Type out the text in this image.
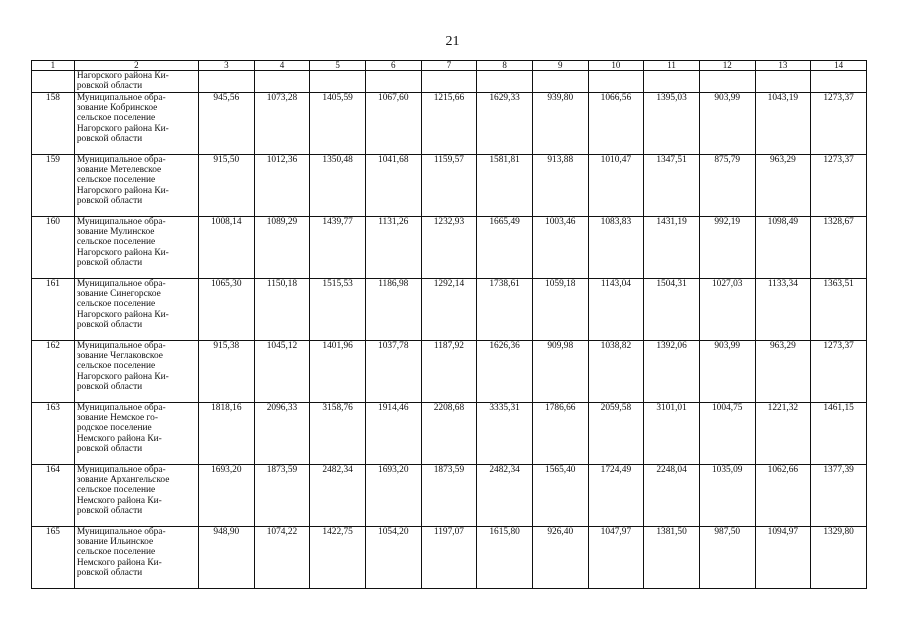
21
1	2	3	4	5	6	7	8	9	10	11	12	13	14

	Нагорского района Ки-
ровской области												

158	Муниципальное обра-
зование Кобринское
сельское поселение
Нагорского района Ки-
ровской области	945,56	1073,28	1405,59	1067,60	1215,66	1629,33	939,80	1066,56	1395,03	903,99	1043,19	1273,37
159	Муниципальное обра-
зование Метелевское
сельское поселение
Нагорского района Ки-
ровской области	915,50	1012,36	1350,48	1041,68	1159,57	1581,81	913,88	1010,47	1347,51	875,79	963,29	1273,37
160	Муниципальное обра-
зование Мулинское
сельское поселение
Нагорского района Ки-
ровской области	1008,14	1089,29	1439,77	1131,26	1232,93	1665,49	1003,46	1083,83	1431,19	992,19	1098,49	1328,67
161	Муниципальное обра-
зование Синегорское
сельское поселение
Нагорского района Ки-
ровской области	1065,30	1150,18	1515,53	1186,98	1292,14	1738,61	1059,18	1143,04	1504,31	1027,03	1133,34	1363,51
162	Муниципальное обра-
зование Чеглаковское
сельское поселение
Нагорского района Ки-
ровской области	915,38	1045,12	1401,96	1037,78	1187,92	1626,36	909,98	1038,82	1392,06	903,99	963,29	1273,37
163	Муниципальное обра-
зование Немское го-
родское поселение
Немского района Ки-
ровской области	1818,16	2096,33	3158,76	1914,46	2208,68	3335,31	1786,66	2059,58	3101,01	1004,75	1221,32	1461,15
164	Муниципальное обра-
зование Архангельское
сельское поселение
Немского района Ки-
ровской области	1693,20	1873,59	2482,34	1693,20	1873,59	2482,34	1565,40	1724,49	2248,04	1035,09	1062,66	1377,39
165	Муниципальное обра-
зование Ильинское
сельское поселение
Немского района Ки-
ровской области	948,90	1074,22	1422,75	1054,20	1197,07	1615,80	926,40	1047,97	1381,50	987,50	1094,97	1329,80
